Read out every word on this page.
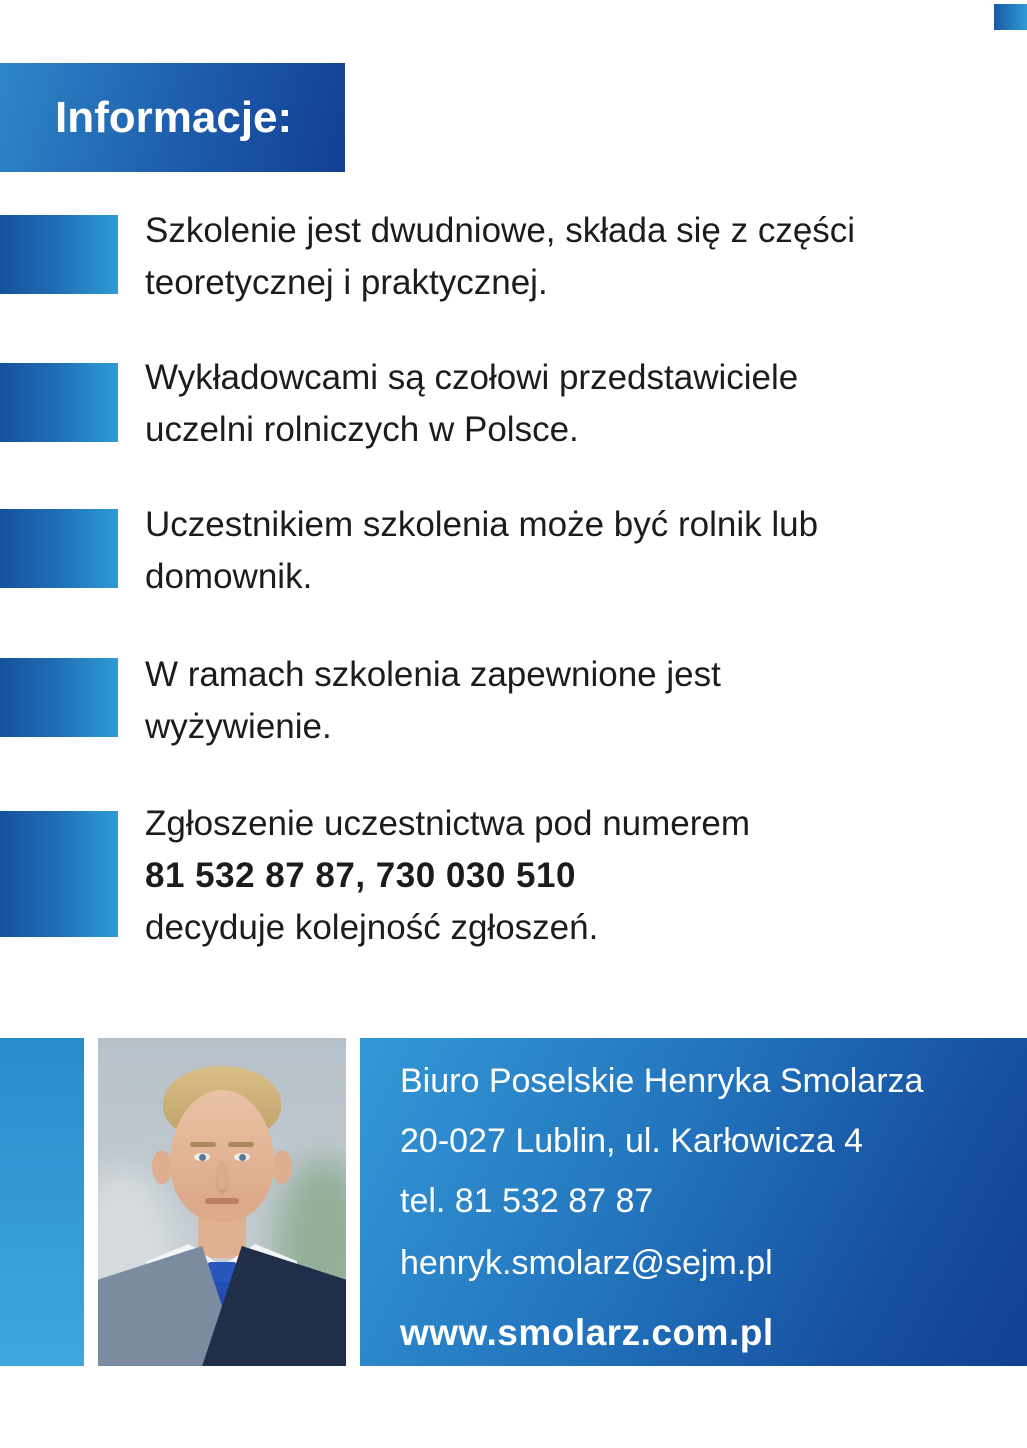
Informacje:
Szkolenie jest dwudniowe, składa się z części
teoretycznej i praktycznej.
Wykładowcami są czołowi przedstawiciele
uczelni rolniczych w Polsce.
Uczestnikiem szkolenia może być rolnik lub
domownik.
W ramach szkolenia zapewnione jest
wyżywienie.
Zgłoszenie uczestnictwa pod numerem
81 532 87 87, 730 030 510
decyduje kolejność zgłoszeń.
Biuro Poselskie Henryka Smolarza
20-027 Lublin, ul. Karłowicza 4
tel. 81 532 87 87
henryk.smolarz@sejm.pl
www.smolarz.com.pl
